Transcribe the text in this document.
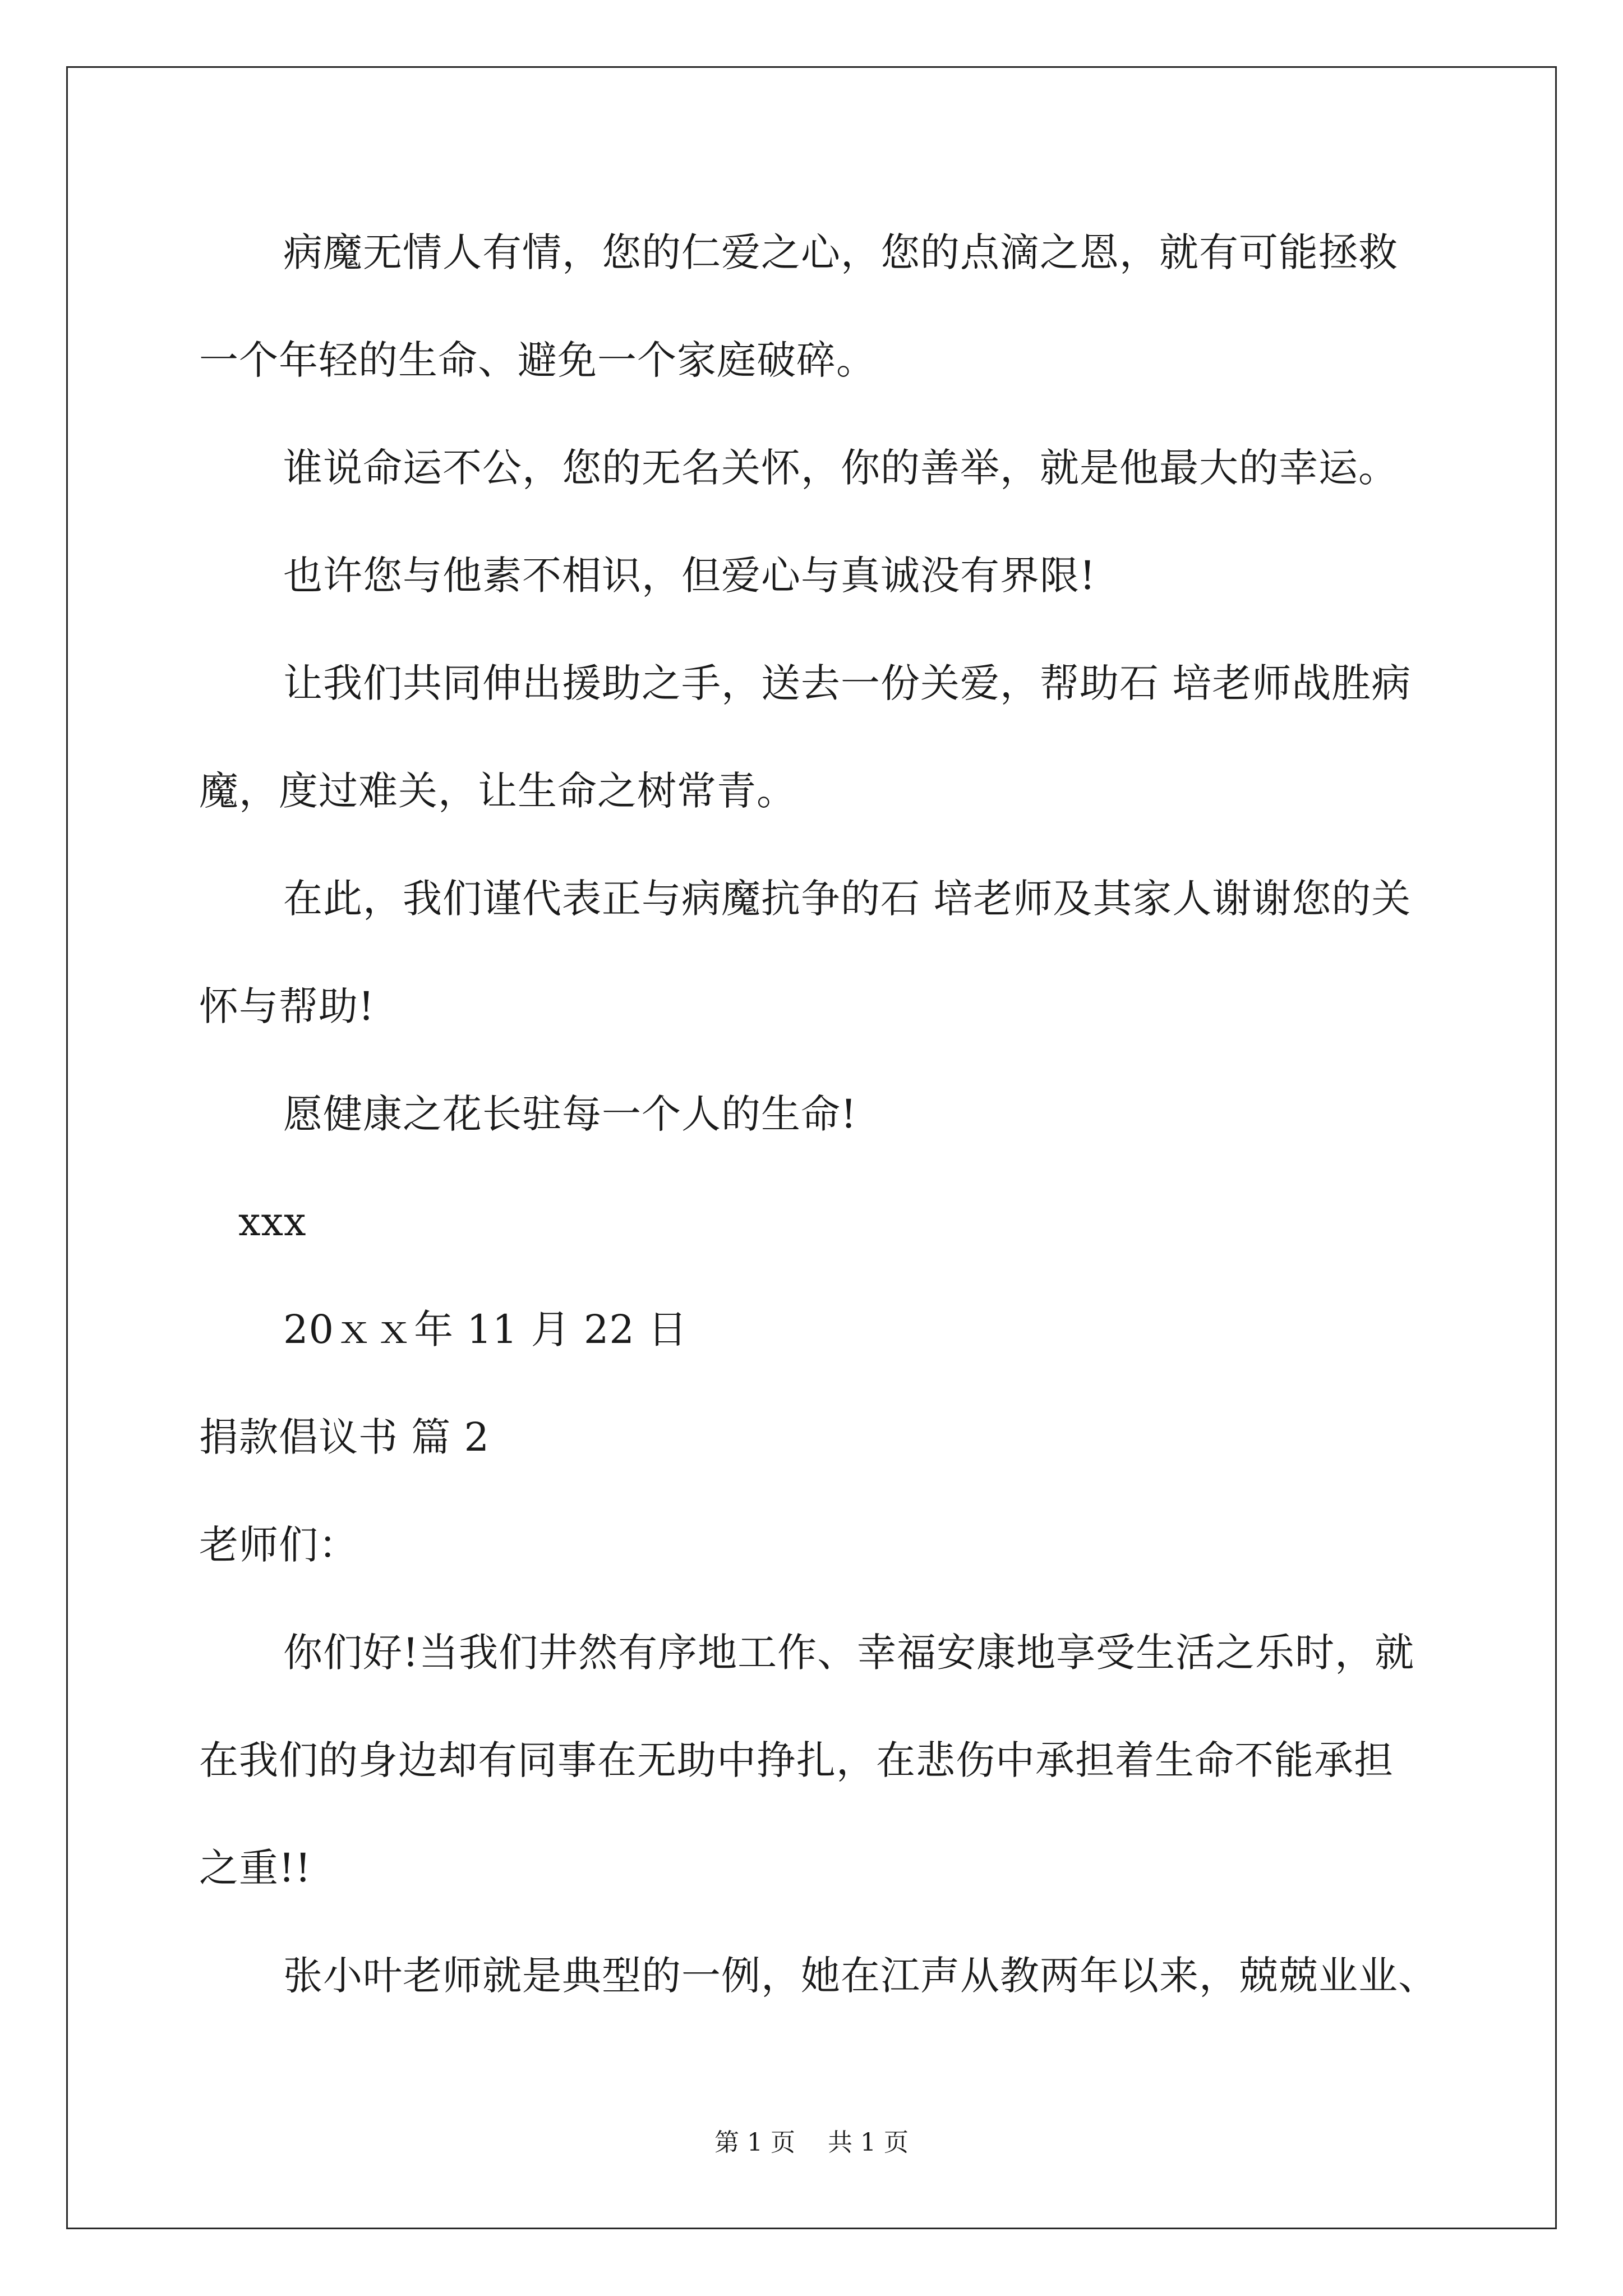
病魔无情人有情，您的仁爱之心，您的点滴之恩，就有可能拯救
一个年轻的生命、避免一个家庭破碎。
谁说命运不公，您的无名关怀，你的善举，就是他最大的幸运。
也许您与他素不相识，但爱心与真诚没有界限!
让我们共同伸出援助之手，送去一份关爱，帮助石 培老师战胜病
魔，度过难关，让生命之树常青。
在此，我们谨代表正与病魔抗争的石 培老师及其家人谢谢您的关
怀与帮助!
愿健康之花长驻每一个人的生命!
xxx
20ｘｘ年 11 月 22 日
捐款倡议书 篇 2
老师们：
你们好!当我们井然有序地工作、幸福安康地享受生活之乐时，就
在我们的身边却有同事在无助中挣扎，在悲伤中承担着生命不能承担
之重!!
张小叶老师就是典型的一例，她在江声从教两年以来，兢兢业业、
第 1 页 共 1 页
